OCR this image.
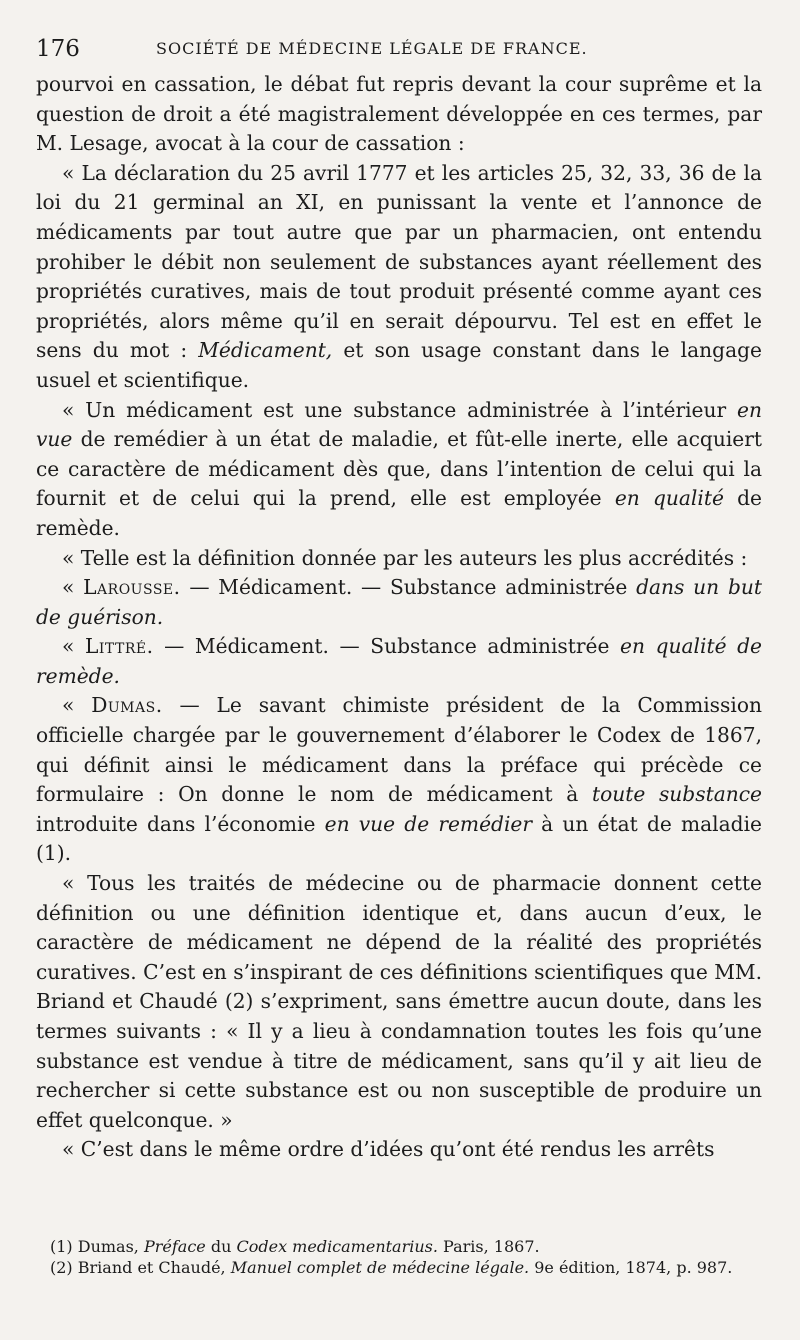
176	SOCIÉTÉ DE MÉDECINE LÉGALE DE FRANCE.

pourvoi en cassation, le débat fut repris devant la cour suprême et la question de droit a été magistralement développée en ces termes, par M. Lesage, avocat à la cour de cassation :

« La déclaration du 25 avril 1777 et les articles 25, 32, 33, 36 de la loi du 21 germinal an XI, en punissant la vente et l’annonce de médicaments par tout autre que par un pharmacien, ont entendu prohiber le débit non seulement de substances ayant réellement des propriétés curatives, mais de tout produit présenté comme ayant ces propriétés, alors même qu’il en serait dépourvu. Tel est en effet le sens du mot : Médicament, et son usage constant dans le langage usuel et scientifique.

« Un médicament est une substance administrée à l’intérieur en vue de remédier à un état de maladie, et fût-elle inerte, elle acquiert ce caractère de médicament dès que, dans l’intention de celui qui la fournit et de celui qui la prend, elle est employée en qualité de remède.

« Telle est la définition donnée par les auteurs les plus accrédités :

« Larousse. — Médicament. — Substance administrée dans un but de guérison.

« Littré. — Médicament. — Substance administrée en qualité de remède.

« Dumas. — Le savant chimiste président de la Commission officielle chargée par le gouvernement d’élaborer le Codex de 1867, qui définit ainsi le médicament dans la préface qui précède ce formulaire : On donne le nom de médicament à toute substance introduite dans l’économie en vue de remédier à un état de maladie (1).

« Tous les traités de médecine ou de pharmacie donnent cette définition ou une définition identique et, dans aucun d’eux, le caractère de médicament ne dépend de la réalité des propriétés curatives. C’est en s’inspirant de ces définitions scientifiques que MM. Briand et Chaudé (2) s’expriment, sans émettre aucun doute, dans les termes suivants : « Il y a lieu à condamnation toutes les fois qu’une substance est vendue à titre de médicament, sans qu’il y ait lieu de rechercher si cette substance est ou non susceptible de produire un effet quelconque. »

« C’est dans le même ordre d’idées qu’ont été rendus les arrêts

(1) Dumas, Préface du Codex medicamentarius. Paris, 1867.

(2) Briand et Chaudé, Manuel complet de médecine légale. 9e édition, 1874, p. 987.
